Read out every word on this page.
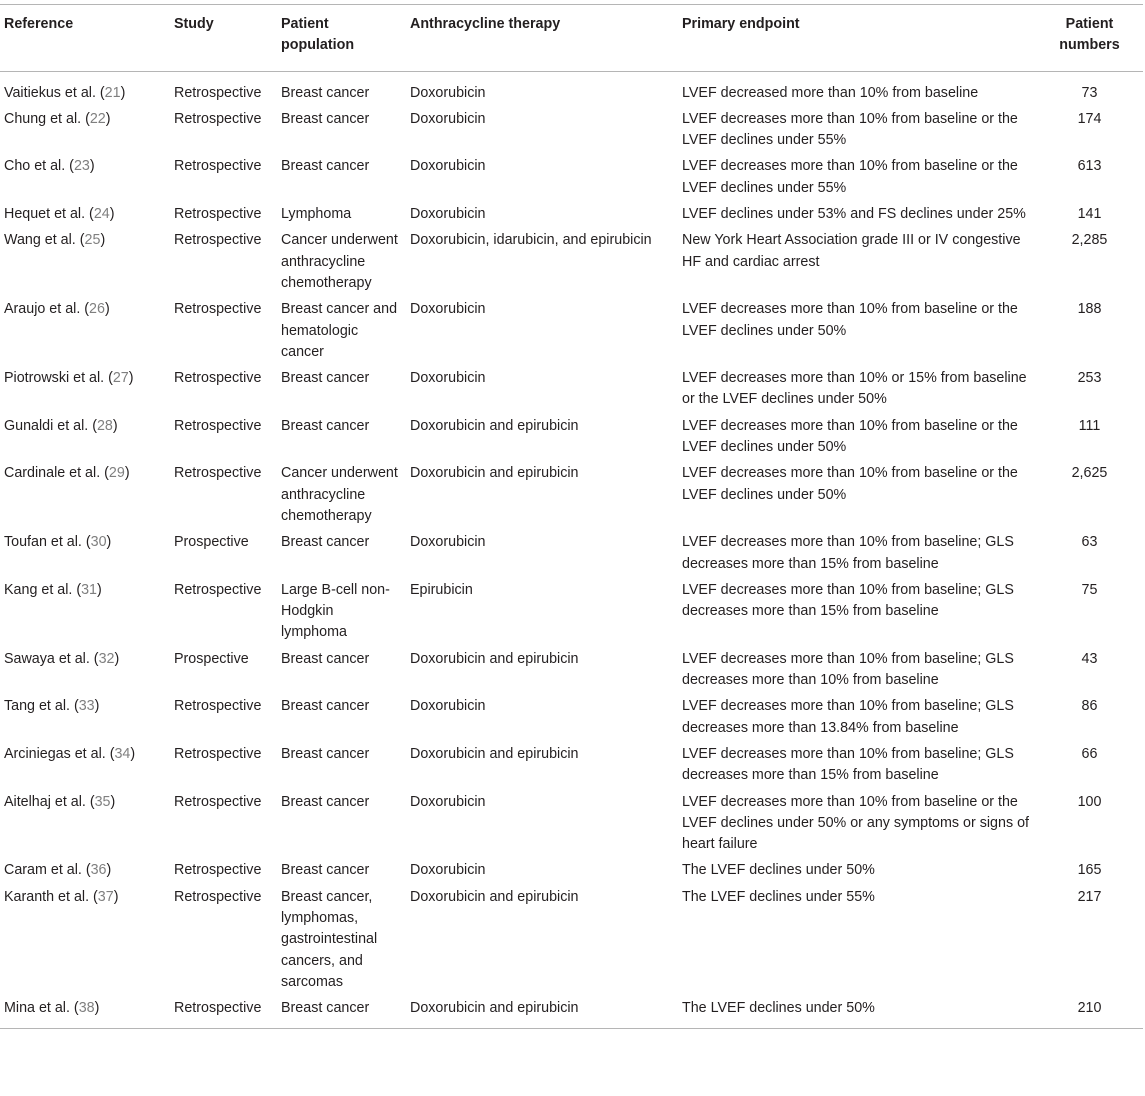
Reference	Study	Patient population	Anthracycline therapy	Primary endpoint	Patient numbers
Vaitiekus et al. (21)	Retrospective	Breast cancer	Doxorubicin	LVEF decreased more than 10% from baseline	73
Chung et al. (22)	Retrospective	Breast cancer	Doxorubicin	LVEF decreases more than 10% from baseline or the LVEF declines under 55%	174
Cho et al. (23)	Retrospective	Breast cancer	Doxorubicin	LVEF decreases more than 10% from baseline or the LVEF declines under 55%	613
Hequet et al. (24)	Retrospective	Lymphoma	Doxorubicin	LVEF declines under 53% and FS declines under 25%	141
Wang et al. (25)	Retrospective	Cancer underwent anthracycline chemotherapy	Doxorubicin, idarubicin, and epirubicin	New York Heart Association grade III or IV congestive HF and cardiac arrest	2,285
Araujo et al. (26)	Retrospective	Breast cancer and hematologic cancer	Doxorubicin	LVEF decreases more than 10% from baseline or the LVEF declines under 50%	188
Piotrowski et al. (27)	Retrospective	Breast cancer	Doxorubicin	LVEF decreases more than 10% or 15% from baseline or the LVEF declines under 50%	253
Gunaldi et al. (28)	Retrospective	Breast cancer	Doxorubicin and epirubicin	LVEF decreases more than 10% from baseline or the LVEF declines under 50%	111
Cardinale et al. (29)	Retrospective	Cancer underwent anthracycline chemotherapy	Doxorubicin and epirubicin	LVEF decreases more than 10% from baseline or the LVEF declines under 50%	2,625
Toufan et al. (30)	Prospective	Breast cancer	Doxorubicin	LVEF decreases more than 10% from baseline; GLS decreases more than 15% from baseline	63
Kang et al. (31)	Retrospective	Large B-cell non-Hodgkin lymphoma	Epirubicin	LVEF decreases more than 10% from baseline; GLS decreases more than 15% from baseline	75
Sawaya et al. (32)	Prospective	Breast cancer	Doxorubicin and epirubicin	LVEF decreases more than 10% from baseline; GLS decreases more than 10% from baseline	43
Tang et al. (33)	Retrospective	Breast cancer	Doxorubicin	LVEF decreases more than 10% from baseline; GLS decreases more than 13.84% from baseline	86
Arciniegas et al. (34)	Retrospective	Breast cancer	Doxorubicin and epirubicin	LVEF decreases more than 10% from baseline; GLS decreases more than 15% from baseline	66
Aitelhaj et al. (35)	Retrospective	Breast cancer	Doxorubicin	LVEF decreases more than 10% from baseline or the LVEF declines under 50% or any symptoms or signs of heart failure	100
Caram et al. (36)	Retrospective	Breast cancer	Doxorubicin	The LVEF declines under 50%	165
Karanth et al. (37)	Retrospective	Breast cancer, lymphomas, gastrointestinal cancers, and sarcomas	Doxorubicin and epirubicin	The LVEF declines under 55%	217
Mina et al. (38)	Retrospective	Breast cancer	Doxorubicin and epirubicin	The LVEF declines under 50%	210
